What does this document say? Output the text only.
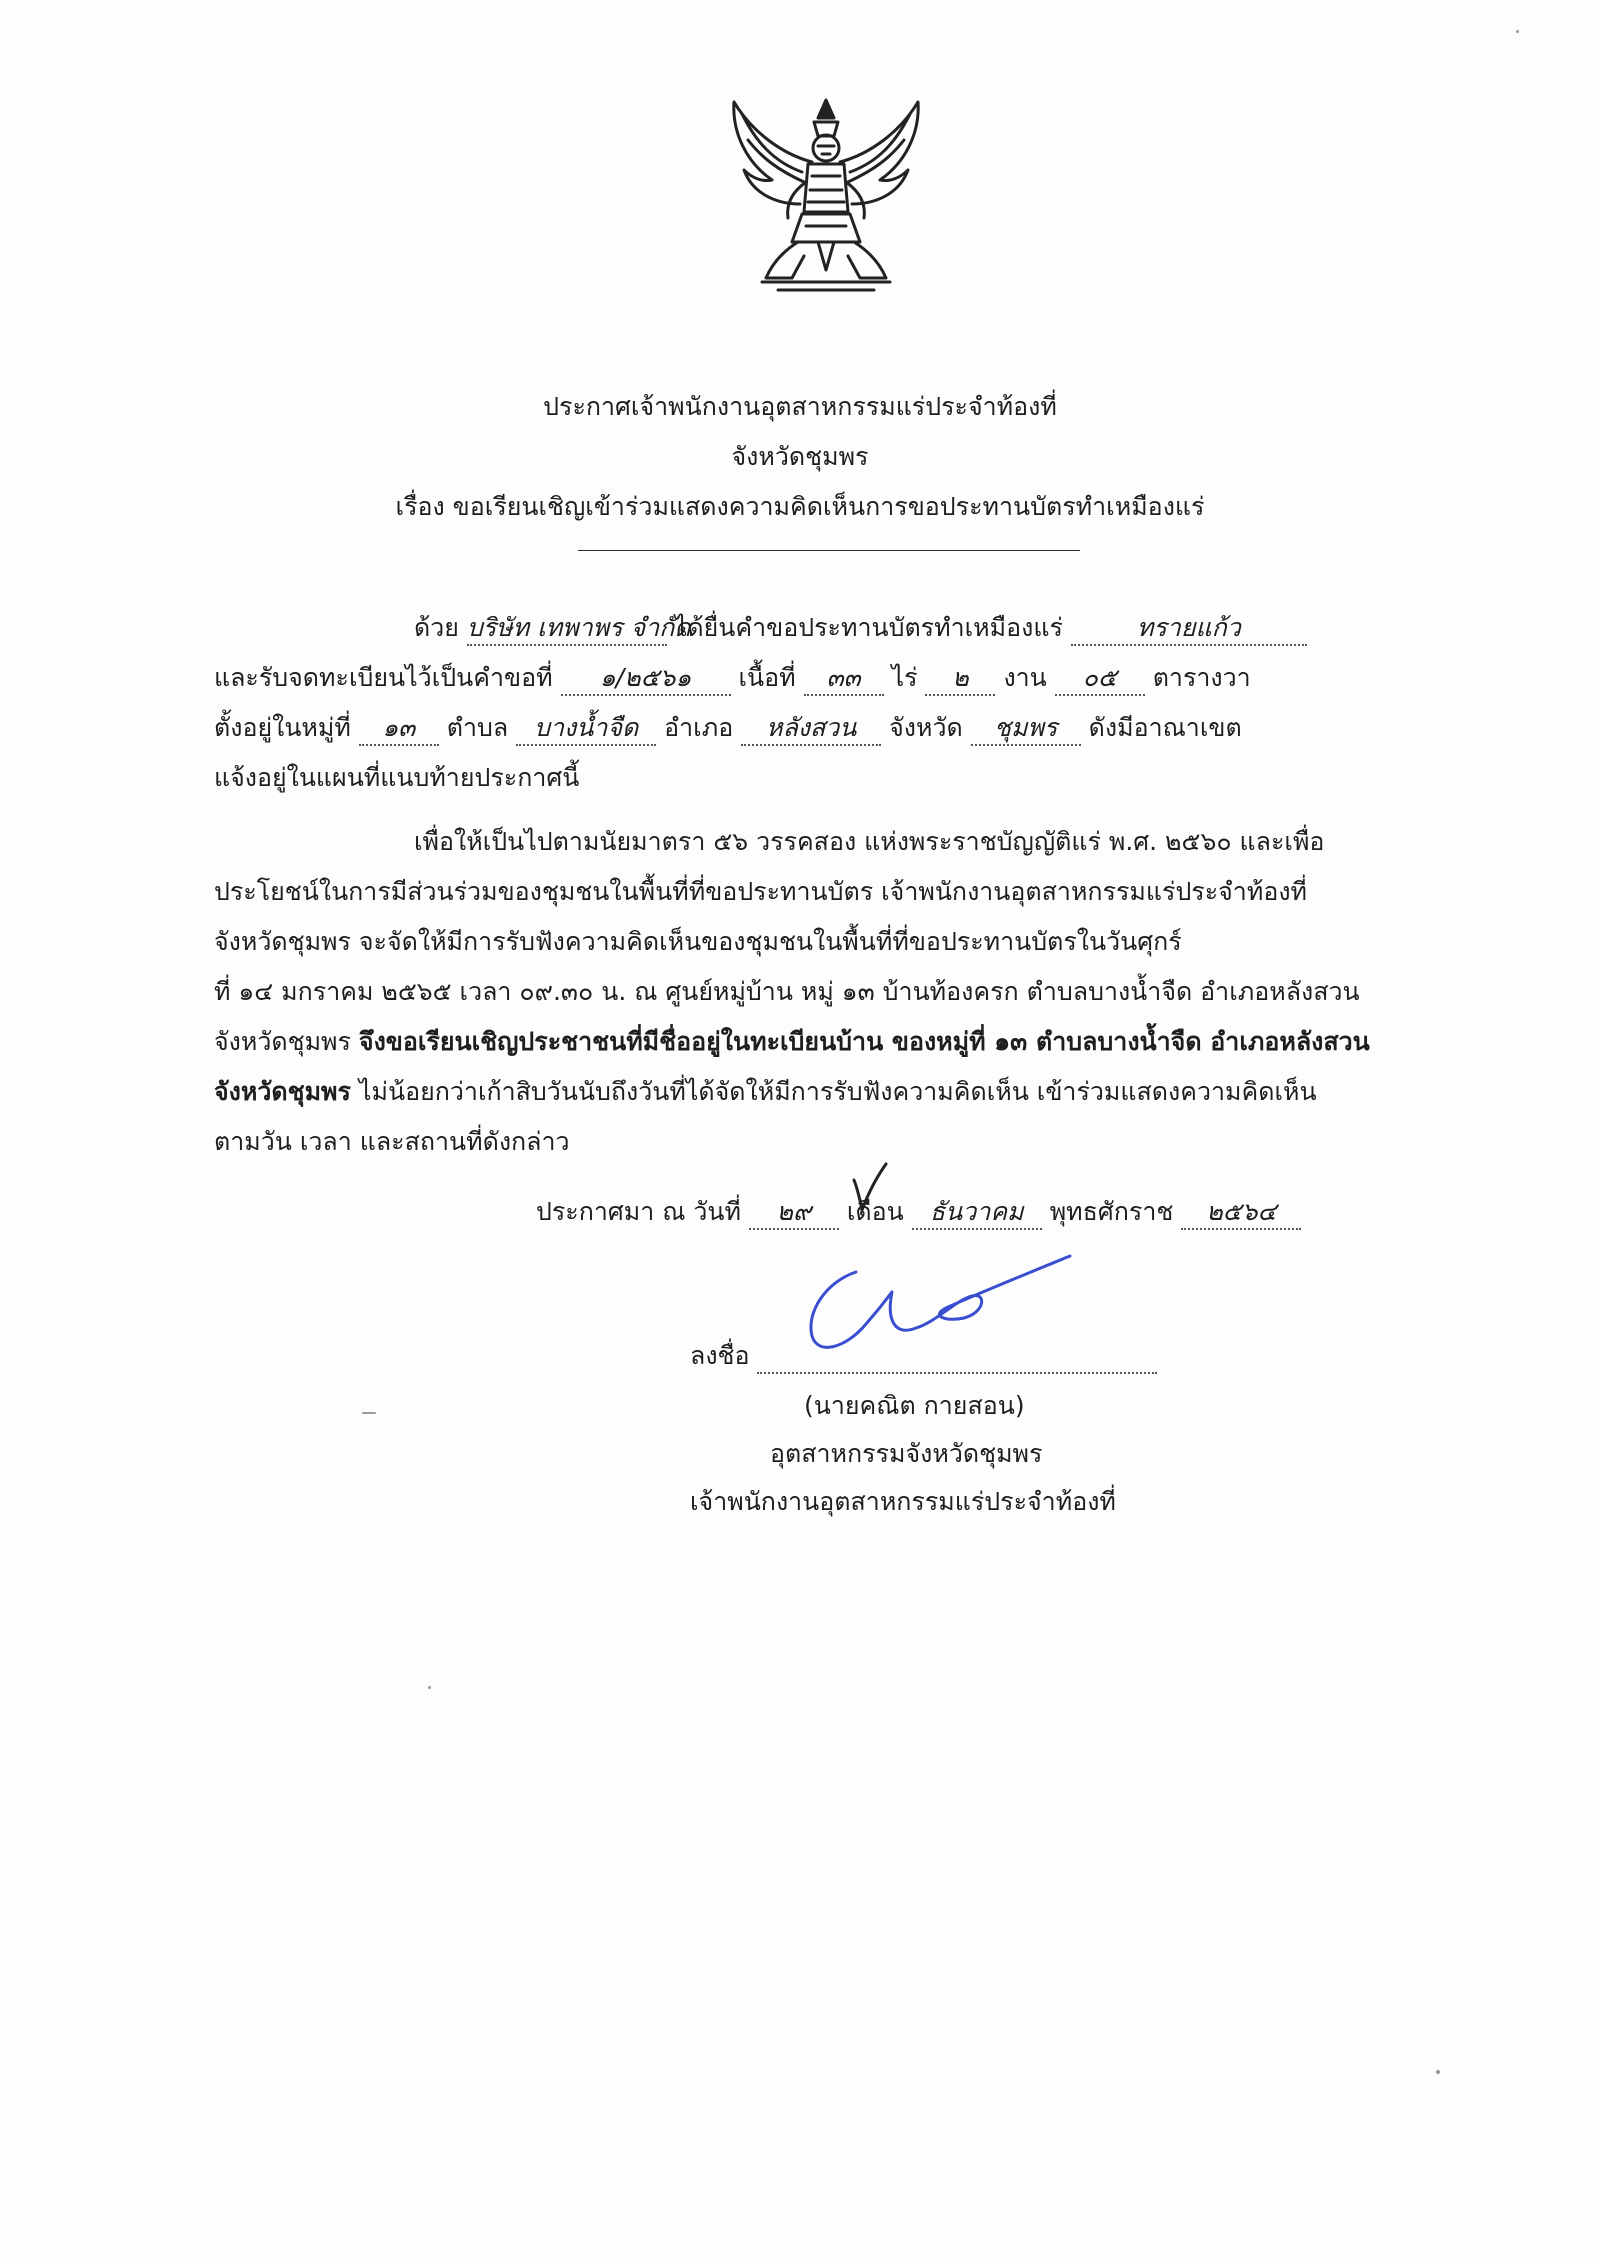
ประกาศเจ้าพนักงานอุตสาหกรรมแร่ประจำท้องที่
จังหวัดชุมพร
เรื่อง ขอเรียนเชิญเข้าร่วมแสดงความคิดเห็นการขอประทานบัตรทำเหมืองแร่
ด้วย บริษัท เทพาพร จำกัด ได้ยื่นคำขอประทานบัตรทำเหมืองแร่	ทรายแก้ว
และรับจดทะเบียนไว้เป็นคำขอที่ ๑/๒๕๖๑ เนื้อที่ ๓๓ ไร่ ๒ งาน ๐๕ ตารางวา
ตั้งอยู่ในหมู่ที่ ๑๓ ตำบล บางน้ำจืด อำเภอ หลังสวน จังหวัด ชุมพร ดังมีอาณาเขต
แจ้งอยู่ในแผนที่แนบท้ายประกาศนี้
เพื่อให้เป็นไปตามนัยมาตรา ๕๖ วรรคสอง แห่งพระราชบัญญัติแร่ พ.ศ. ๒๕๖๐ และเพื่อ
ประโยชน์ในการมีส่วนร่วมของชุมชนในพื้นที่ที่ขอประทานบัตร เจ้าพนักงานอุตสาหกรรมแร่ประจำท้องที่
จังหวัดชุมพร จะจัดให้มีการรับฟังความคิดเห็นของชุมชนในพื้นที่ที่ขอประทานบัตรในวันศุกร์
ที่ ๑๔ มกราคม ๒๕๖๕ เวลา ๐๙.๓๐ น. ณ ศูนย์หมู่บ้าน หมู่ ๑๓ บ้านท้องครก ตำบลบางน้ำจืด อำเภอหลังสวน
จังหวัดชุมพร จึงขอเรียนเชิญประชาชนที่มีชื่ออยู่ในทะเบียนบ้าน ของหมู่ที่ ๑๓ ตำบลบางน้ำจืด อำเภอหลังสวน
จังหวัดชุมพร ไม่น้อยกว่าเก้าสิบวันนับถึงวันที่ได้จัดให้มีการรับฟังความคิดเห็น เข้าร่วมแสดงความคิดเห็น
ตามวัน เวลา และสถานที่ดังกล่าว
ประกาศมา ณ วันที่ ๒๙ เดือน ธันวาคม พุทธศักราช ๒๕๖๔
ลงชื่อ
(นายคณิต กายสอน)
อุตสาหกรรมจังหวัดชุมพร
เจ้าพนักงานอุตสาหกรรมแร่ประจำท้องที่
